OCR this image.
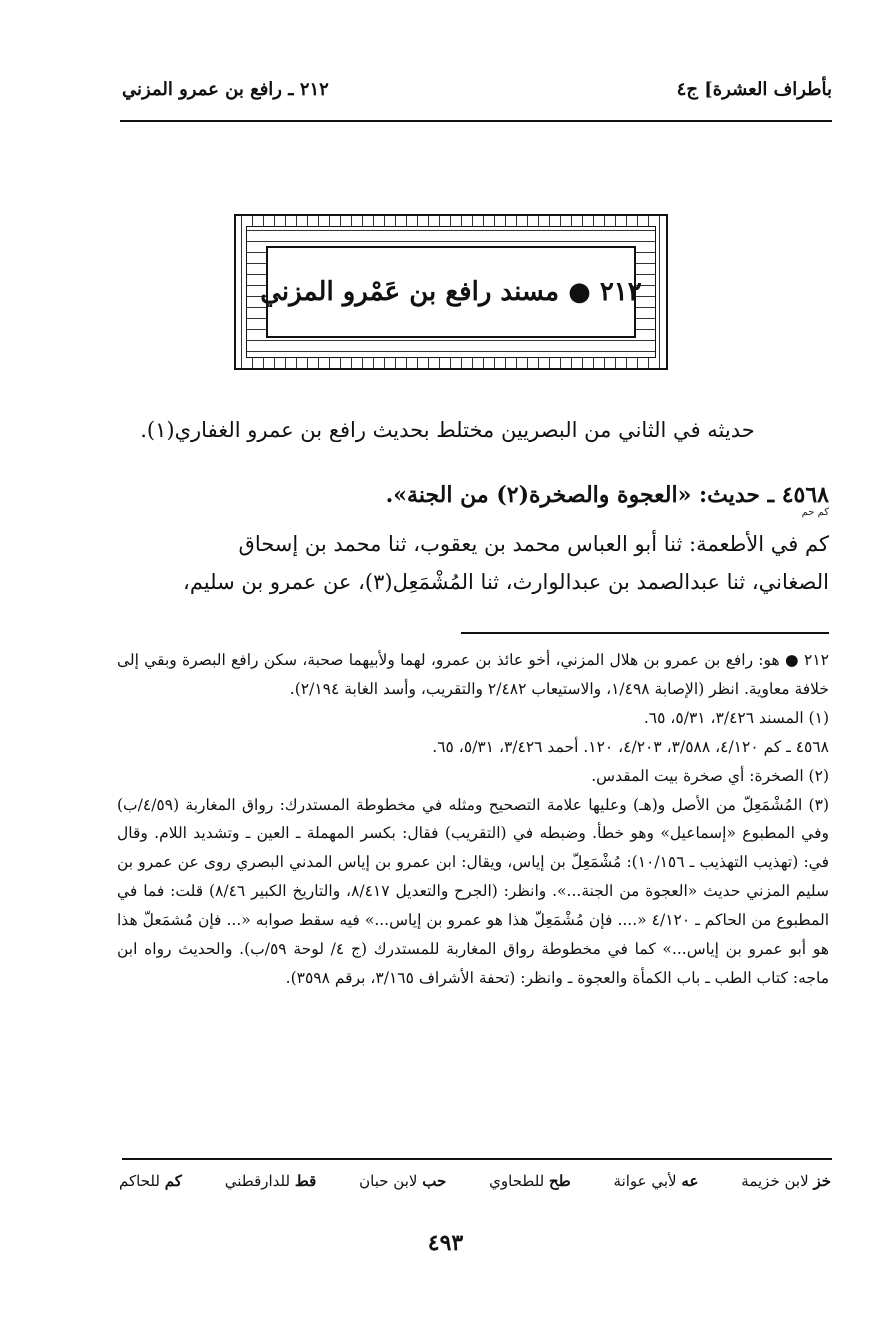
بأطراف العشرة] ج٤
٢١٢ ـ رافع بن عمرو المزني
٢١٢ ● مسند رافع بن عَمْرو المزني
حديثه في الثاني من البصريين مختلط بحديث رافع بن عمرو الغفاري(١).
٤٥٦٨ ـ حديث: «العجوة والصخرة(٢) من الجنة».
كم حم
كم في الأطعمة: ثنا أبو العباس محمد بن يعقوب، ثنا محمد بن إسحاق
الصغاني، ثنا عبدالصمد بن عبدالوارث، ثنا المُشْمَعِل(٣)، عن عمرو بن سليم،

٢١٢ ● هو: رافع بن عمرو بن هلال المزني، أخو عائذ بن عمرو، لهما ولأبيهما صحبة، سكن رافع البصرة وبقي إلى خلافة معاوية. انظر (الإصابة ١/٤٩٨، والاستيعاب ٢/٤٨٢ والتقريب، وأسد الغابة ٢/١٩٤).

(١) المسند ٣/٤٢٦، ٥/٣١، ٦٥.

٤٥٦٨ ـ كم ٤/١٢٠، ٣/٥٨٨، ٤/٢٠٣، ١٢٠. أحمد ٣/٤٢٦، ٥/٣١، ٦٥.

(٢) الصخرة: أي صخرة بيت المقدس.

(٣) المُشْمَعِلّ من الأصل و(هـ) وعليها علامة التصحيح ومثله في مخطوطة المستدرك: رواق المغاربة (٤/٥٩/ب) وفي المطبوع «إسماعيل» وهو خطأ. وضبطه في (التقريب) فقال: بكسر المهملة ـ العين ـ وتشديد اللام. وقال في: (تهذيب التهذيب ـ ١٠/١٥٦): مُشْمَعِلّ بن إياس، ويقال: ابن عمرو بن إياس المدني البصري روى عن عمرو بن سليم المزني حديث «العجوة من الجنة...». وانظر: (الجرح والتعديل ٨/٤١٧، والتاريخ الكبير ٨/٤٦) قلت: فما في المطبوع من الحاكم ـ ٤/١٢٠ «.... فإن مُشْمَعِلّ هذا هو عمرو بن إياس...» فيه سقط صوابه «... فإن مُشمَعلّ هذا هو أبو عمرو بن إياس...» كما في مخطوطة رواق المغاربة للمستدرك (ج ٤/ لوحة ٥٩/ب). والحديث رواه ابن ماجه: كتاب الطب ـ باب الكمأة والعجوة ـ وانظر: (تحفة الأشراف ٣/١٦٥، برقم ٣٥٩٨).

خز لابن خزيمة
عه لأبي عوانة
طح للطحاوي
حب لابن حبان
قط للدارقطني
كم للحاكم
٤٩٣
